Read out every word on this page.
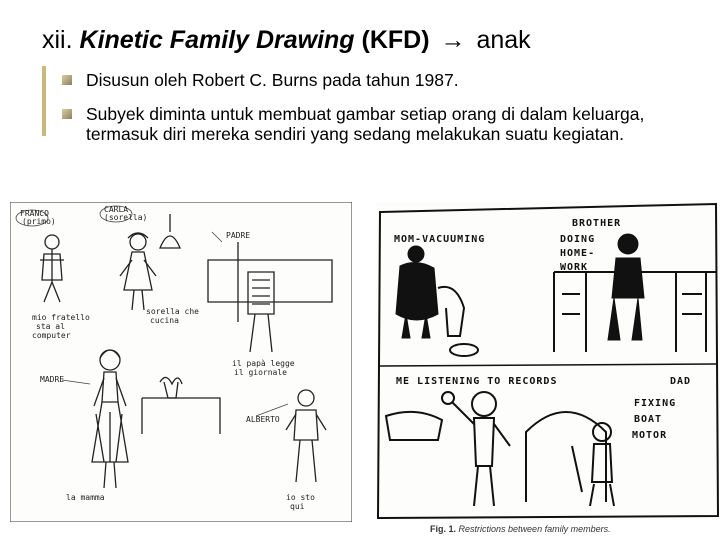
xii. Kinetic Family Drawing (KFD) → anak
Disusun oleh Robert C. Burns pada tahun 1987.
Subyek diminta untuk membuat gambar setiap orang di dalam keluarga, termasuk diri mereka sendiri yang sedang melakukan suatu kegiatan.
FRANCO
(primo)
CARLA
(sorella)
PADRE
MADRE
ALBERTO
mio fratello
sta al
computer
sorella che
cucina
il papà legge
il giornale
la mamma	io sto
qui
MOM-VACUUMING
BROTHER
DOING
HOME-
WORK
ME LISTENING TO RECORDS	DAD
FIXING
BOAT
MOTOR
Fig. 1. Restrictions between family members.
